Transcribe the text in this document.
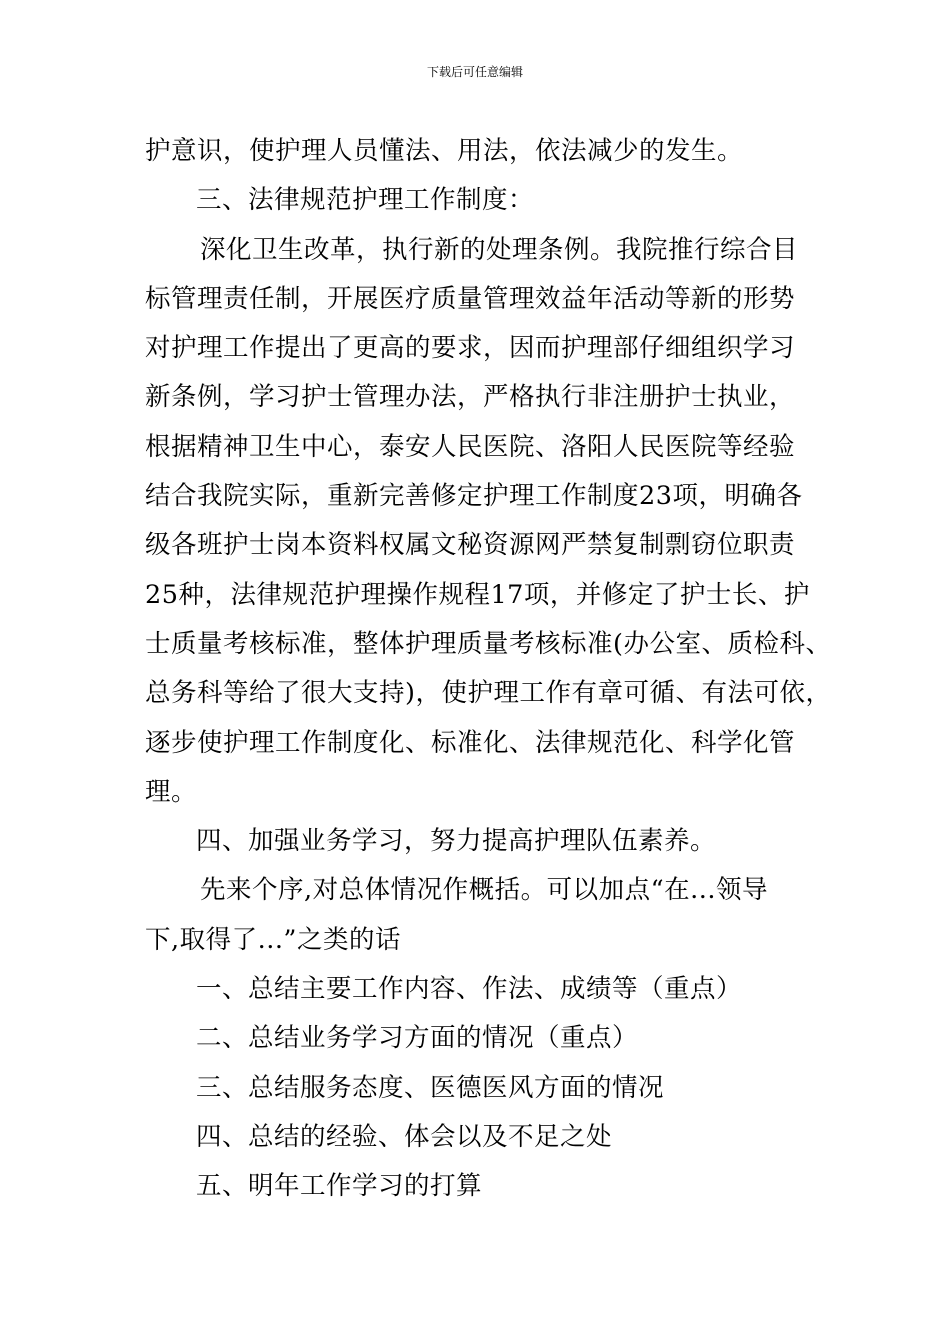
下载后可任意编辑
护意识，使护理人员懂法、用法，依法减少的发生。
三、法律规范护理工作制度：
深化卫生改革，执行新的处理条例。我院推行综合目
标管理责任制，开展医疗质量管理效益年活动等新的形势
对护理工作提出了更高的要求，因而护理部仔细组织学习
新条例，学习护士管理办法，严格执行非注册护士执业，
根据精神卫生中心，泰安人民医院、洛阳人民医院等经验
结合我院实际，重新完善修定护理工作制度23项，明确各
级各班护士岗本资料权属文秘资源网严禁复制剽窃位职责
25种，法律规范护理操作规程17项，并修定了护士长、护
士质量考核标准，整体护理质量考核标准(办公室、质检科、
总务科等给了很大支持)，使护理工作有章可循、有法可依，
逐步使护理工作制度化、标准化、法律规范化、科学化管
理。
四、加强业务学习，努力提高护理队伍素养。
先来个序,对总体情况作概括。可以加点“在...领导
下,取得了...”之类的话
一、总结主要工作内容、作法、成绩等（重点）
二、总结业务学习方面的情况（重点）
三、总结服务态度、医德医风方面的情况
四、总结的经验、体会以及不足之处
五、明年工作学习的打算
